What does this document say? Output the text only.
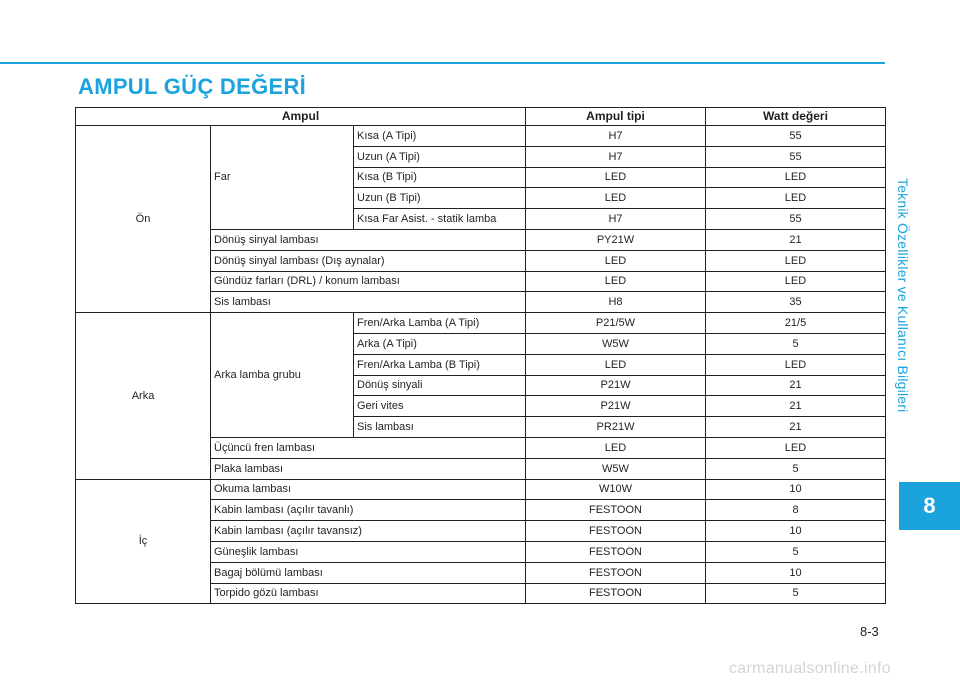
AMPUL GÜÇ DEĞERİ
Ampul			Ampul tipi	Watt değeri
Ön	Far	Kısa (A Tipi)	H7	55
		Uzun (A Tipi)	H7	55
		Kısa (B Tipi)	LED	LED
		Uzun (B Tipi)	LED	LED
		Kısa Far Asist. - statik lamba	H7	55
	Dönüş sinyal lambası		PY21W	21
	Dönüş sinyal lambası (Dış aynalar)		LED	LED
	Gündüz farları (DRL) / konum lambası		LED	LED
	Sis lambası		H8	35
Arka	Arka lamba grubu	Fren/Arka Lamba (A Tipi)	P21/5W	21/5
		Arka (A Tipi)	W5W	5
		Fren/Arka Lamba (B Tipi)	LED	LED
		Dönüş sinyali	P21W	21
		Geri vites	P21W	21
		Sis lambası	PR21W	21
	Üçüncü fren lambası		LED	LED
	Plaka lambası		W5W	5
İç	Okuma lambası		W10W	10
	Kabin lambası (açılır tavanlı)		FESTOON	8
	Kabin lambası (açılır tavansız)		FESTOON	10
	Güneşlik lambası		FESTOON	5
	Bagaj bölümü lambası		FESTOON	10
	Torpido gözü lambası		FESTOON	5
Teknik Özellikler ve Kullanıcı Bilgileri
8
8-3
carmanualsonline.info
